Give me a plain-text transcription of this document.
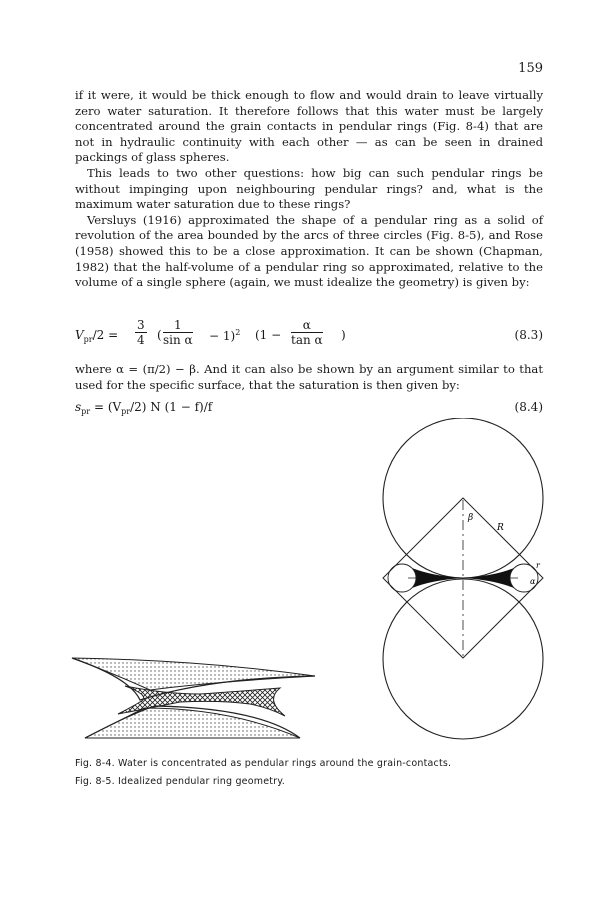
159

if it were, it would be thick enough to flow and would drain to leave virtually zero water saturation. It therefore follows that this water must be largely concentrated around the grain contacts in pendular rings (Fig. 8-4) that are not in hydraulic continuity with each other — as can be seen in drained packings of glass spheres.

This leads to two other questions: how big can such pendular rings be without impinging upon neighbouring pendular rings? and, what is the maximum water saturation due to these rings?

Versluys (1916) approximated the shape of a pendular ring as a solid of revolution of the area bounded by the arcs of three circles (Fig. 8-5), and Rose (1958) showed this to be a close approximation. It can be shown (Chapman, 1982) that the half-volume of a pendular ring so approximated, relative to the volume of a single sphere (again, we must idealize the geometry) is given by:

$V_{pr}/2 = \frac{3}{4}$ ( $\frac{1}{\text{sin α}} - 1)^2$ ($1 - \frac{\alpha}{\text{tan α}}$ )	(8.3)
where α = (π/2) − β. And it can also be shown by an argument similar to that used for the specific surface, that the saturation is then given by:
$s_{pr} = (V_{pr}/2)$ N (1 − f)/f	(8.4)
β
R
r
α
Fig. 8-4. Water is concentrated as pendular rings around the grain-contacts.
Fig. 8-5. Idealized pendular ring geometry.
